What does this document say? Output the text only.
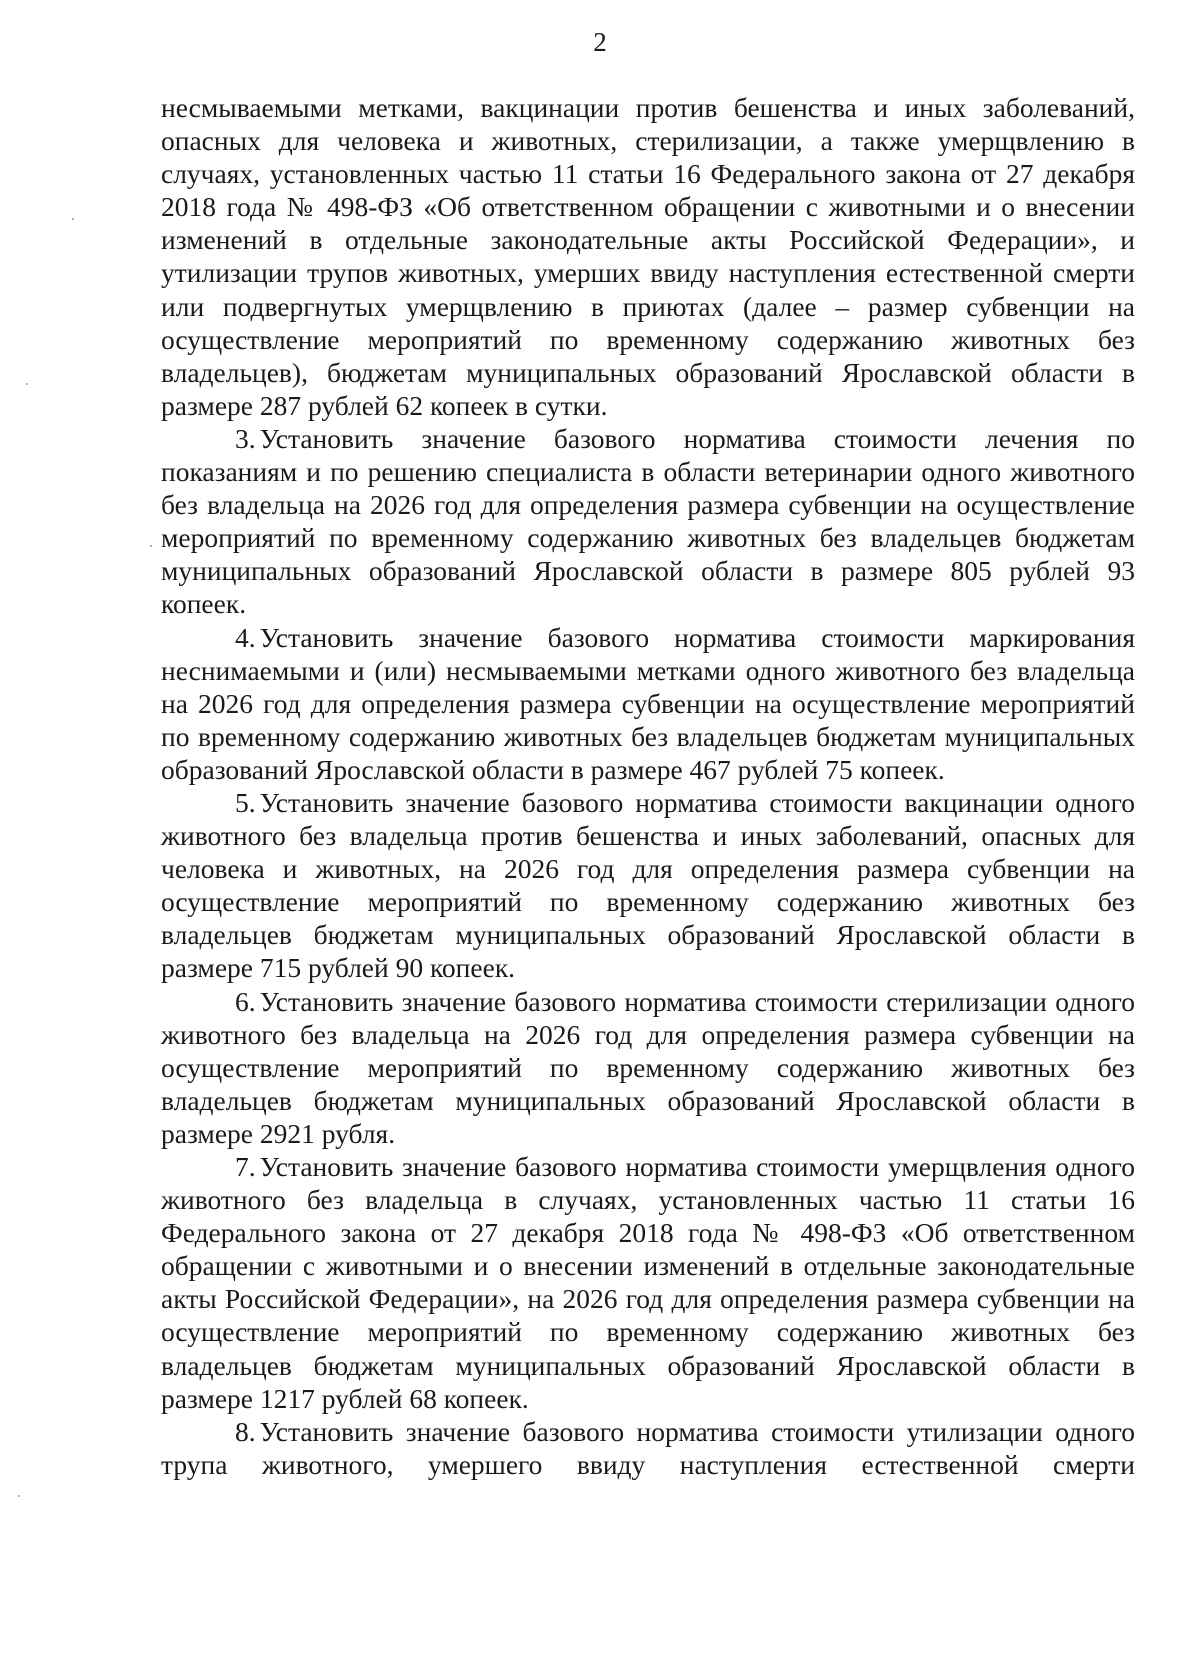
2

несмываемыми метками, вакцинации против бешенства и иных заболеваний, опасных для человека и животных, стерилизации, а также умерщвлению в случаях, установленных частью 11 статьи 16 Федерального закона от 27 декабря 2018 года № 498-ФЗ «Об ответственном обращении с животными и о внесении изменений в отдельные законодательные акты Российской Федерации», и утилизации трупов животных, умерших ввиду наступления естественной смерти или подвергнутых умерщвлению в приютах (далее – размер субвенции на осуществление мероприятий по временному содержанию животных без владельцев), бюджетам муниципальных образований Ярославской области в размере 287 рублей 62 копеек в сутки.

3. Установить значение базового норматива стоимости лечения по показаниям и по решению специалиста в области ветеринарии одного животного без владельца на 2026 год для определения размера субвенции на осуществление мероприятий по временному содержанию животных без владельцев бюджетам муниципальных образований Ярославской области в размере 805 рублей 93 копеек.

4. Установить значение базового норматива стоимости маркирования неснимаемыми и (или) несмываемыми метками одного животного без владельца на 2026 год для определения размера субвенции на осуществление мероприятий по временному содержанию животных без владельцев бюджетам муниципальных образований Ярославской области в размере 467 рублей 75 копеек.

5. Установить значение базового норматива стоимости вакцинации одного животного без владельца против бешенства и иных заболеваний, опасных для человека и животных, на 2026 год для определения размера субвенции на осуществление мероприятий по временному содержанию животных без владельцев бюджетам муниципальных образований Ярославской области в размере 715 рублей 90 копеек.

6. Установить значение базового норматива стоимости стерилизации одного животного без владельца на 2026 год для определения размера субвенции на осуществление мероприятий по временному содержанию животных без владельцев бюджетам муниципальных образований Ярославской области в размере 2921 рубля.

7. Установить значение базового норматива стоимости умерщвления одного животного без владельца в случаях, установленных частью 11 статьи 16 Федерального закона от 27 декабря 2018 года № 498-ФЗ «Об ответственном обращении с животными и о внесении изменений в отдельные законодательные акты Российской Федерации», на 2026 год для определения размера субвенции на осуществление мероприятий по временному содержанию животных без владельцев бюджетам муниципальных образований Ярославской области в размере 1217 рублей 68 копеек.

8. Установить значение базового норматива стоимости утилизации одного трупа животного, умершего ввиду наступления естественной смерти
